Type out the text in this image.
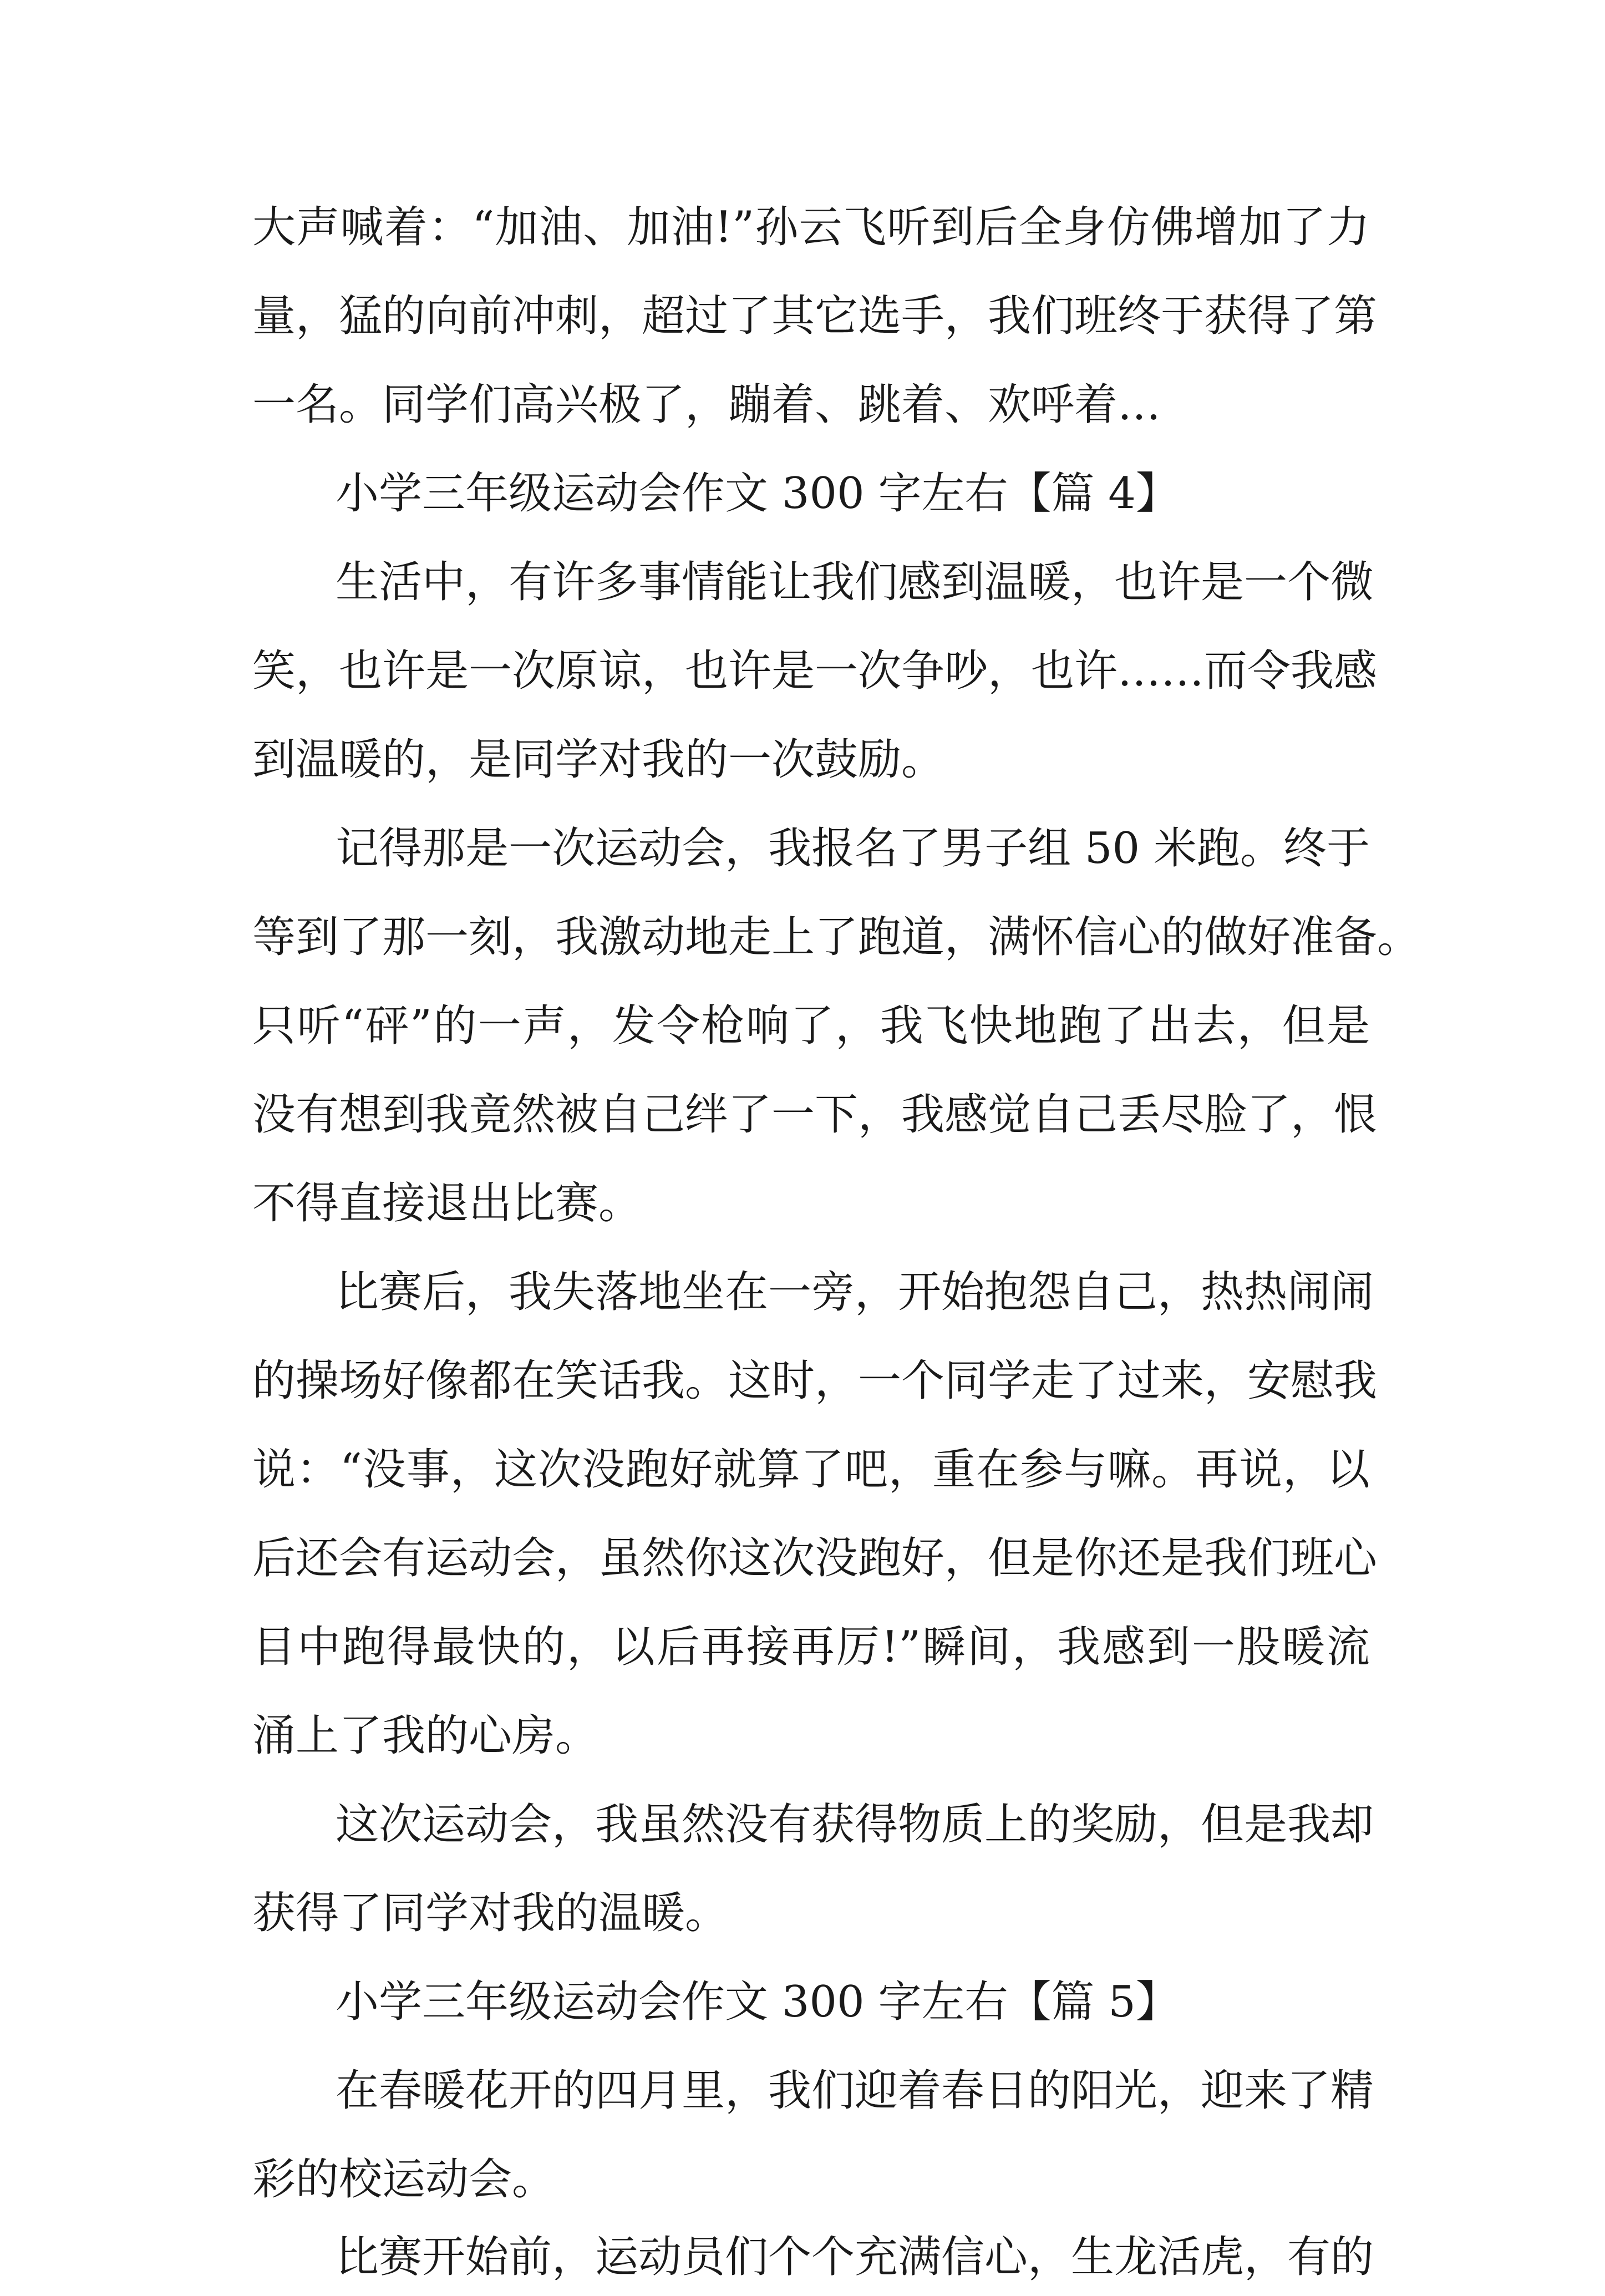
大声喊着：“加油、加油!”孙云飞听到后全身仿佛增加了力
量，猛的向前冲刺，超过了其它选手，我们班终于获得了第
一名。同学们高兴极了，蹦着、跳着、欢呼着…
小学三年级运动会作文 300 字左右【篇 4】
生活中，有许多事情能让我们感到温暖，也许是一个微
笑，也许是一次原谅，也许是一次争吵，也许……而令我感
到温暖的，是同学对我的一次鼓励。
记得那是一次运动会，我报名了男子组 50 米跑。终于
等到了那一刻，我激动地走上了跑道，满怀信心的做好准备。
只听“砰”的一声，发令枪响了，我飞快地跑了出去，但是
没有想到我竟然被自己绊了一下，我感觉自己丢尽脸了，恨
不得直接退出比赛。
比赛后，我失落地坐在一旁，开始抱怨自己，热热闹闹
的操场好像都在笑话我。这时，一个同学走了过来，安慰我
说：“没事，这次没跑好就算了吧，重在参与嘛。再说，以
后还会有运动会，虽然你这次没跑好，但是你还是我们班心
目中跑得最快的，以后再接再厉!”瞬间，我感到一股暖流
涌上了我的心房。
这次运动会，我虽然没有获得物质上的奖励，但是我却
获得了同学对我的温暖。
小学三年级运动会作文 300 字左右【篇 5】
在春暖花开的四月里，我们迎着春日的阳光，迎来了精
彩的校运动会。
比赛开始前，运动员们个个充满信心，生龙活虎，有的
